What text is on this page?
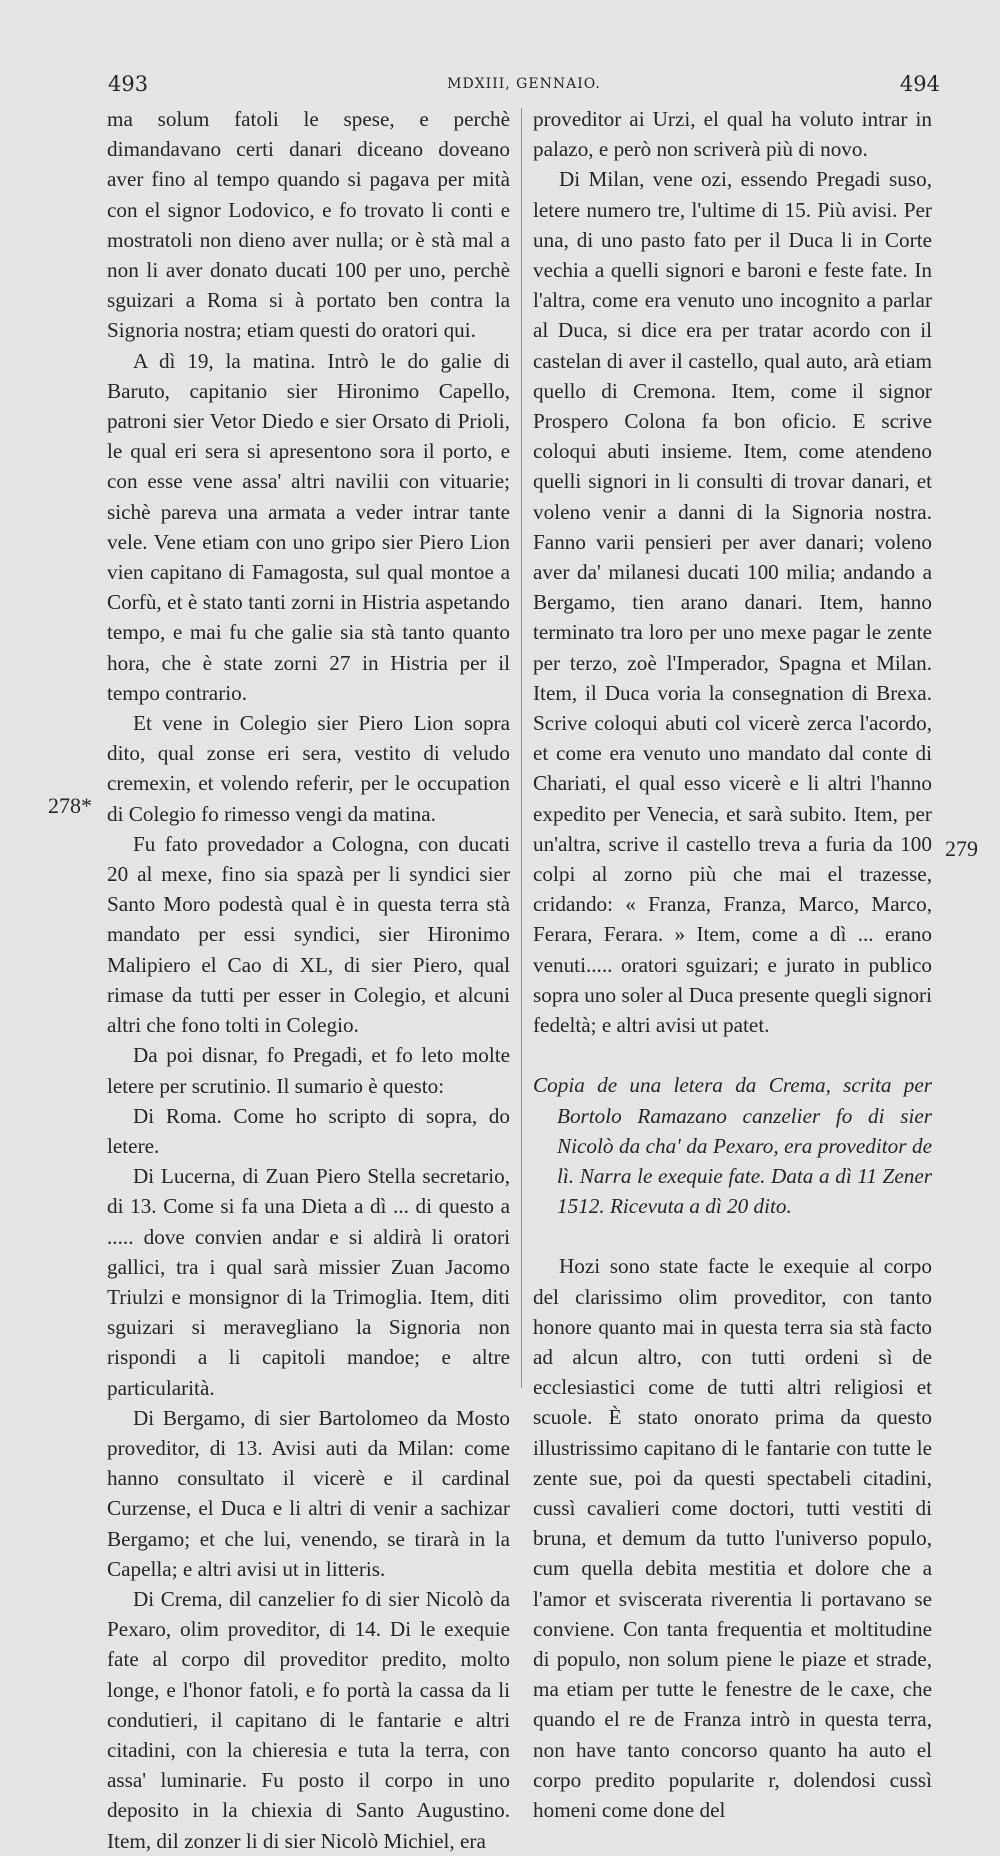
493	MDXIII, GENNAIO.	494
278*
279

ma solum fatoli le spese, e perchè dimandavano certi danari diceano doveano aver fino al tempo quando si pagava per mità con el signor Lodovico, e fo trovato li conti e mostratoli non dieno aver nulla; or è stà mal a non li aver donato ducati 100 per uno, perchè sguizari a Roma si à portato ben contra la Signoria nostra; etiam questi do oratori qui.

A dì 19, la matina. Intrò le do galie di Baruto, capitanio sier Hironimo Capello, patroni sier Vetor Diedo e sier Orsato di Prioli, le qual eri sera si apresentono sora il porto, e con esse vene assa' altri navilii con vituarie; sichè pareva una armata a veder intrar tante vele. Vene etiam con uno gripo sier Piero Lion vien capitano di Famagosta, sul qual montoe a Corfù, et è stato tanti zorni in Histria aspetando tempo, e mai fu che galie sia stà tanto quanto hora, che è state zorni 27 in Histria per il tempo contrario.

Et vene in Colegio sier Piero Lion sopra dito, qual zonse eri sera, vestito di veludo cremexin, et volendo referir, per le occupation di Colegio fo rimesso vengi da matina.

Fu fato provedador a Cologna, con ducati 20 al mexe, fino sia spazà per li syndici sier Santo Moro podestà qual è in questa terra stà mandato per essi syndici, sier Hironimo Malipiero el Cao di XL, di sier Piero, qual rimase da tutti per esser in Colegio, et alcuni altri che fono tolti in Colegio.

Da poi disnar, fo Pregadi, et fo leto molte letere per scrutinio. Il sumario è questo:

Di Roma. Come ho scripto di sopra, do letere.

Di Lucerna, di Zuan Piero Stella secretario, di 13. Come si fa una Dieta a dì ... di questo a ..... dove convien andar e si aldirà li oratori gallici, tra i qual sarà missier Zuan Jacomo Triulzi e monsignor di la Trimoglia. Item, diti sguizari si meravegliano la Signoria non rispondi a li capitoli mandoe; e altre particularità.

Di Bergamo, di sier Bartolomeo da Mosto proveditor, di 13. Avisi auti da Milan: come hanno consultato il vicerè e il cardinal Curzense, el Duca e li altri di venir a sachizar Bergamo; et che lui, venendo, se tirarà in la Capella; e altri avisi ut in litteris.

Di Crema, dil canzelier fo di sier Nicolò da Pexaro, olim proveditor, di 14. Di le exequie fate al corpo dil proveditor predito, molto longe, e l'honor fatoli, e fo portà la cassa da li condutieri, il capitano di le fantarie e altri citadini, con la chieresia e tuta la terra, con assa' luminarie. Fu posto il corpo in uno deposito in la chiexia di Santo Augustino. Item, dil zonzer li di sier Nicolò Michiel, era

proveditor ai Urzi, el qual ha voluto intrar in palazo, e però non scriverà più di novo.

Di Milan, vene ozi, essendo Pregadi suso, letere numero tre, l'ultime di 15. Più avisi. Per una, di uno pasto fato per il Duca li in Corte vechia a quelli signori e baroni e feste fate. In l'altra, come era venuto uno incognito a parlar al Duca, si dice era per tratar acordo con il castelan di aver il castello, qual auto, arà etiam quello di Cremona. Item, come il signor Prospero Colona fa bon oficio. E scrive coloqui abuti insieme. Item, come atendeno quelli signori in li consulti di trovar danari, et voleno venir a danni di la Signoria nostra. Fanno varii pensieri per aver danari; voleno aver da' milanesi ducati 100 milia; andando a Bergamo, tien arano danari. Item, hanno terminato tra loro per uno mexe pagar le zente per terzo, zoè l'Imperador, Spagna et Milan. Item, il Duca voria la consegnation di Brexa. Scrive coloqui abuti col vicerè zerca l'acordo, et come era venuto uno mandato dal conte di Chariati, el qual esso vicerè e li altri l'hanno expedito per Venecia, et sarà subito. Item, per un'altra, scrive il castello treva a furia da 100 colpi al zorno più che mai el trazesse, cridando: « Franza, Franza, Marco, Marco, Ferara, Ferara. » Item, come a dì ... erano venuti..... oratori sguizari; e jurato in publico sopra uno soler al Duca presente quegli signori fedeltà; e altri avisi ut patet.

Copia de una letera da Crema, scrita per Bortolo Ramazano canzelier fo di sier Nicolò da cha' da Pexaro, era proveditor de lì. Narra le exequie fate. Data a dì 11 Zener 1512. Ricevuta a dì 20 dito.

Hozi sono state facte le exequie al corpo del clarissimo olim proveditor, con tanto honore quanto mai in questa terra sia stà facto ad alcun altro, con tutti ordeni sì de ecclesiastici come de tutti altri religiosi et scuole. È stato onorato prima da questo illustrissimo capitano di le fantarie con tutte le zente sue, poi da questi spectabeli citadini, cussì cavalieri come doctori, tutti vestiti di bruna, et demum da tutto l'universo populo, cum quella debita mestitia et dolore che a l'amor et sviscerata riverentia li portavano se conviene. Con tanta frequentia et moltitudine di populo, non solum piene le piaze et strade, ma etiam per tutte le fenestre de le caxe, che quando el re de Franza intrò in questa terra, non have tanto concorso quanto ha auto el corpo predito popularite r, dolendosi cussì homeni come done del
